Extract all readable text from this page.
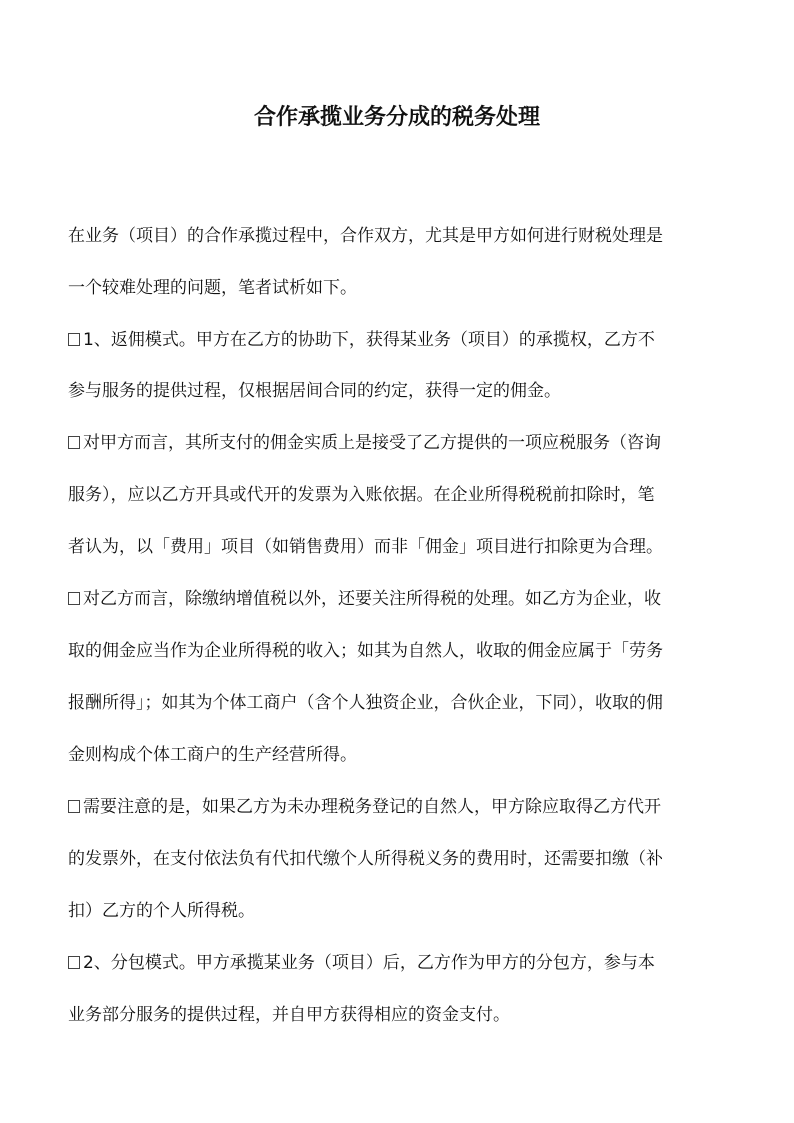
合作承揽业务分成的税务处理
在业务（项目）的合作承揽过程中，合作双方，尤其是甲方如何进行财税处理是
一个较难处理的问题，笔者试析如下。
1、返佣模式。甲方在乙方的协助下，获得某业务（项目）的承揽权，乙方不
参与服务的提供过程，仅根据居间合同的约定，获得一定的佣金。
对甲方而言，其所支付的佣金实质上是接受了乙方提供的一项应税服务（咨询
服务），应以乙方开具或代开的发票为入账依据。在企业所得税税前扣除时，笔
者认为，以「费用」项目（如销售费用）而非「佣金」项目进行扣除更为合理。
对乙方而言，除缴纳增值税以外，还要关注所得税的处理。如乙方为企业，收
取的佣金应当作为企业所得税的收入；如其为自然人，收取的佣金应属于「劳务
报酬所得」；如其为个体工商户（含个人独资企业，合伙企业，下同），收取的佣
金则构成个体工商户的生产经营所得。
需要注意的是，如果乙方为未办理税务登记的自然人，甲方除应取得乙方代开
的发票外，在支付依法负有代扣代缴个人所得税义务的费用时，还需要扣缴（补
扣）乙方的个人所得税。
2、分包模式。甲方承揽某业务（项目）后，乙方作为甲方的分包方，参与本
业务部分服务的提供过程，并自甲方获得相应的资金支付。
